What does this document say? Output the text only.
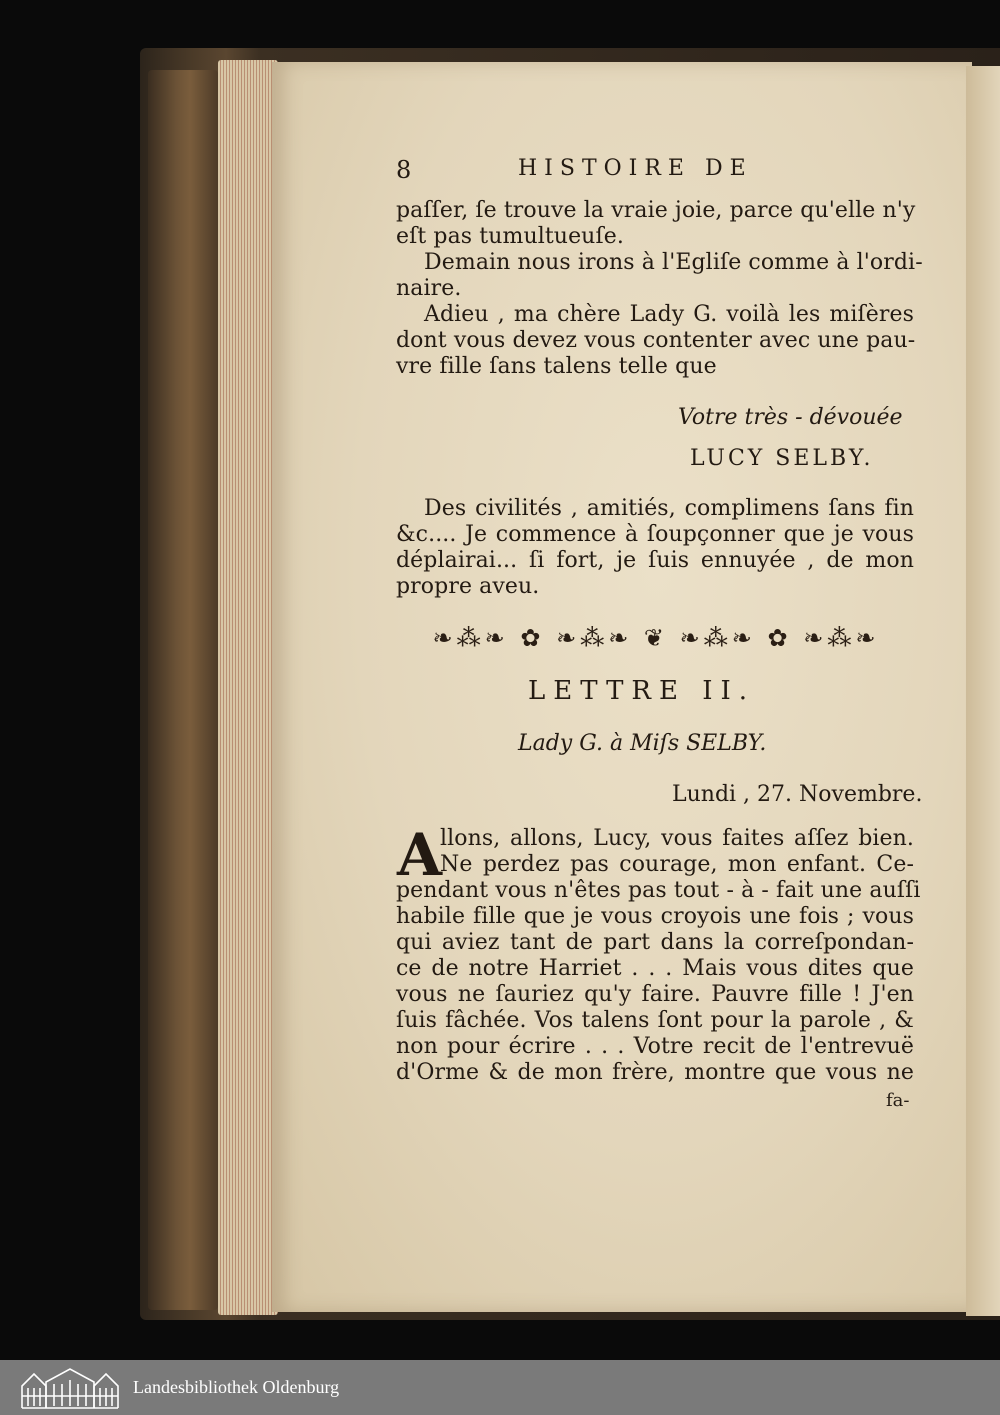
8	HISTOIRE DE
paſſer, ſe trouve la vraie joie, parce qu'elle n'y
eſt pas tumultueuſe.
Demain nous irons à l'Egliſe comme à l'ordi-
naire.
Adieu , ma chère Lady G. voilà les miſères
dont vous devez vous contenter avec une pau-
vre fille ſans talens telle que
Votre très - dévouée
LUCY SELBY.
Des civilités , amitiés, complimens ſans fin
&c.... Je commence à ſoupçonner que je vous
déplairai... ſi fort, je ſuis ennuyée , de mon
propre aveu.
❧⁂❧ ✿ ❧⁂❧ ❦ ❧⁂❧ ✿ ❧⁂❧
LETTRE II.
Lady G. à Miſs SELBY.
Lundi , 27. Novembre.
A
llons, allons, Lucy, vous faites aſſez bien.
Ne perdez pas courage, mon enfant. Ce-
pendant vous n'êtes pas tout - à - fait une auſſi
habile fille que je vous croyois une fois ; vous
qui aviez tant de part dans la correſpondan-
ce de notre Harriet . . . Mais vous dites que
vous ne ſauriez qu'y faire. Pauvre fille ! J'en
ſuis fâchée. Vos talens ſont pour la parole , &
non pour écrire . . . Votre recit de l'entrevuë
d'Orme & de mon frère, montre que vous ne
fa-
Landesbibliothek Oldenburg
